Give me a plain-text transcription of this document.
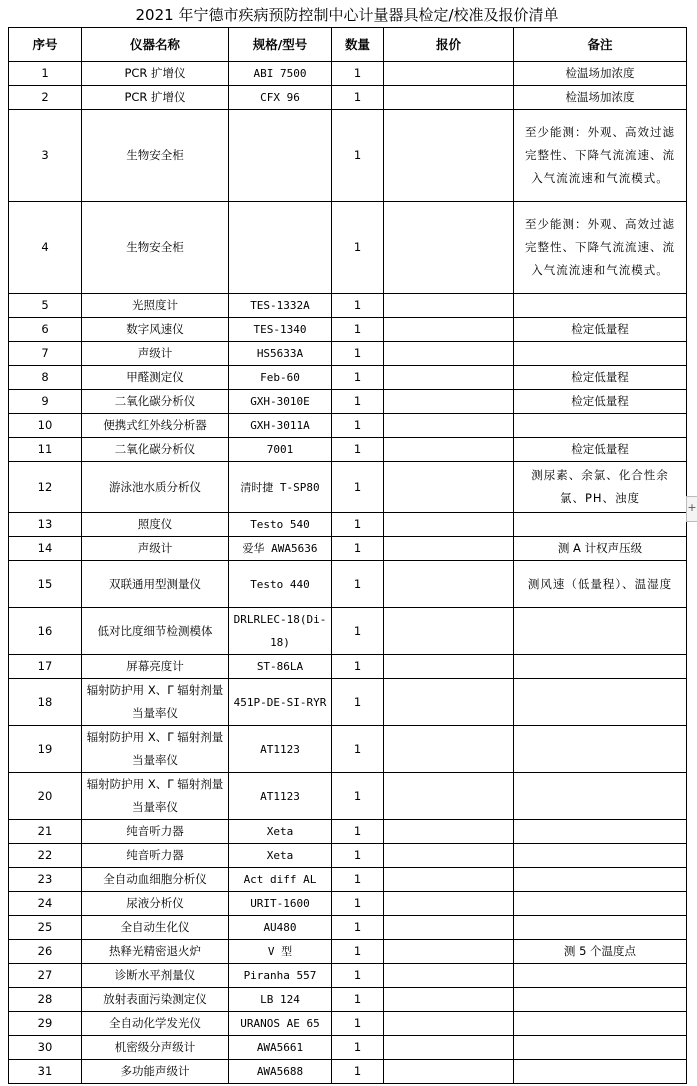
2021 年宁德市疾病预防控制中心计量器具检定/校准及报价清单
序号	仪器名称	规格/型号	数量	报价	备注
1	PCR 扩增仪	ABI 7500	1		检温场加浓度
2	PCR 扩增仪	CFX 96	1		检温场加浓度
3	生物安全柜		1		至少能测：外观、高效过滤完整性、下降气流流速、流入气流流速和气流模式。
4	生物安全柜		1		至少能测：外观、高效过滤完整性、下降气流流速、流入气流流速和气流模式。
5	光照度计	TES-1332A	1		
6	数字风速仪	TES-1340	1		检定低量程
7	声级计	HS5633A	1		
8	甲醛测定仪	Feb-60	1		检定低量程
9	二氧化碳分析仪	GXH-3010E	1		检定低量程
10	便携式红外线分析器	GXH-3011A	1		
11	二氧化碳分析仪	7001	1		检定低量程
12	游泳池水质分析仪	清时捷 T-SP80	1		测尿素、余氯、化合性余氯、PH、浊度
13	照度仪	Testo 540	1		
14	声级计	爱华 AWA5636	1		测 A 计权声压级
15	双联通用型测量仪	Testo 440	1		测风速（低量程）、温湿度
16	低对比度细节检测模体	DRLRLEC-18(Di-18)	1		
17	屏幕亮度计	ST-86LA	1		
18	辐射防护用 X、Γ 辐射剂量当量率仪	451P-DE-SI-RYR	1		
19	辐射防护用 X、Γ 辐射剂量当量率仪	AT1123	1		
20	辐射防护用 X、Γ 辐射剂量当量率仪	AT1123	1		
21	纯音听力器	Xeta	1		
22	纯音听力器	Xeta	1		
23	全自动血细胞分析仪	Act diff AL	1		
24	尿液分析仪	URIT-1600	1		
25	全自动生化仪	AU480	1		
26	热释光精密退火炉	V 型	1		测 5 个温度点
27	诊断水平剂量仪	Piranha 557	1		
28	放射表面污染测定仪	LB 124	1		
29	全自动化学发光仪	URANOS AE 65	1		
30	机密级分声级计	AWA5661	1		
31	多功能声级计	AWA5688	1		
+
